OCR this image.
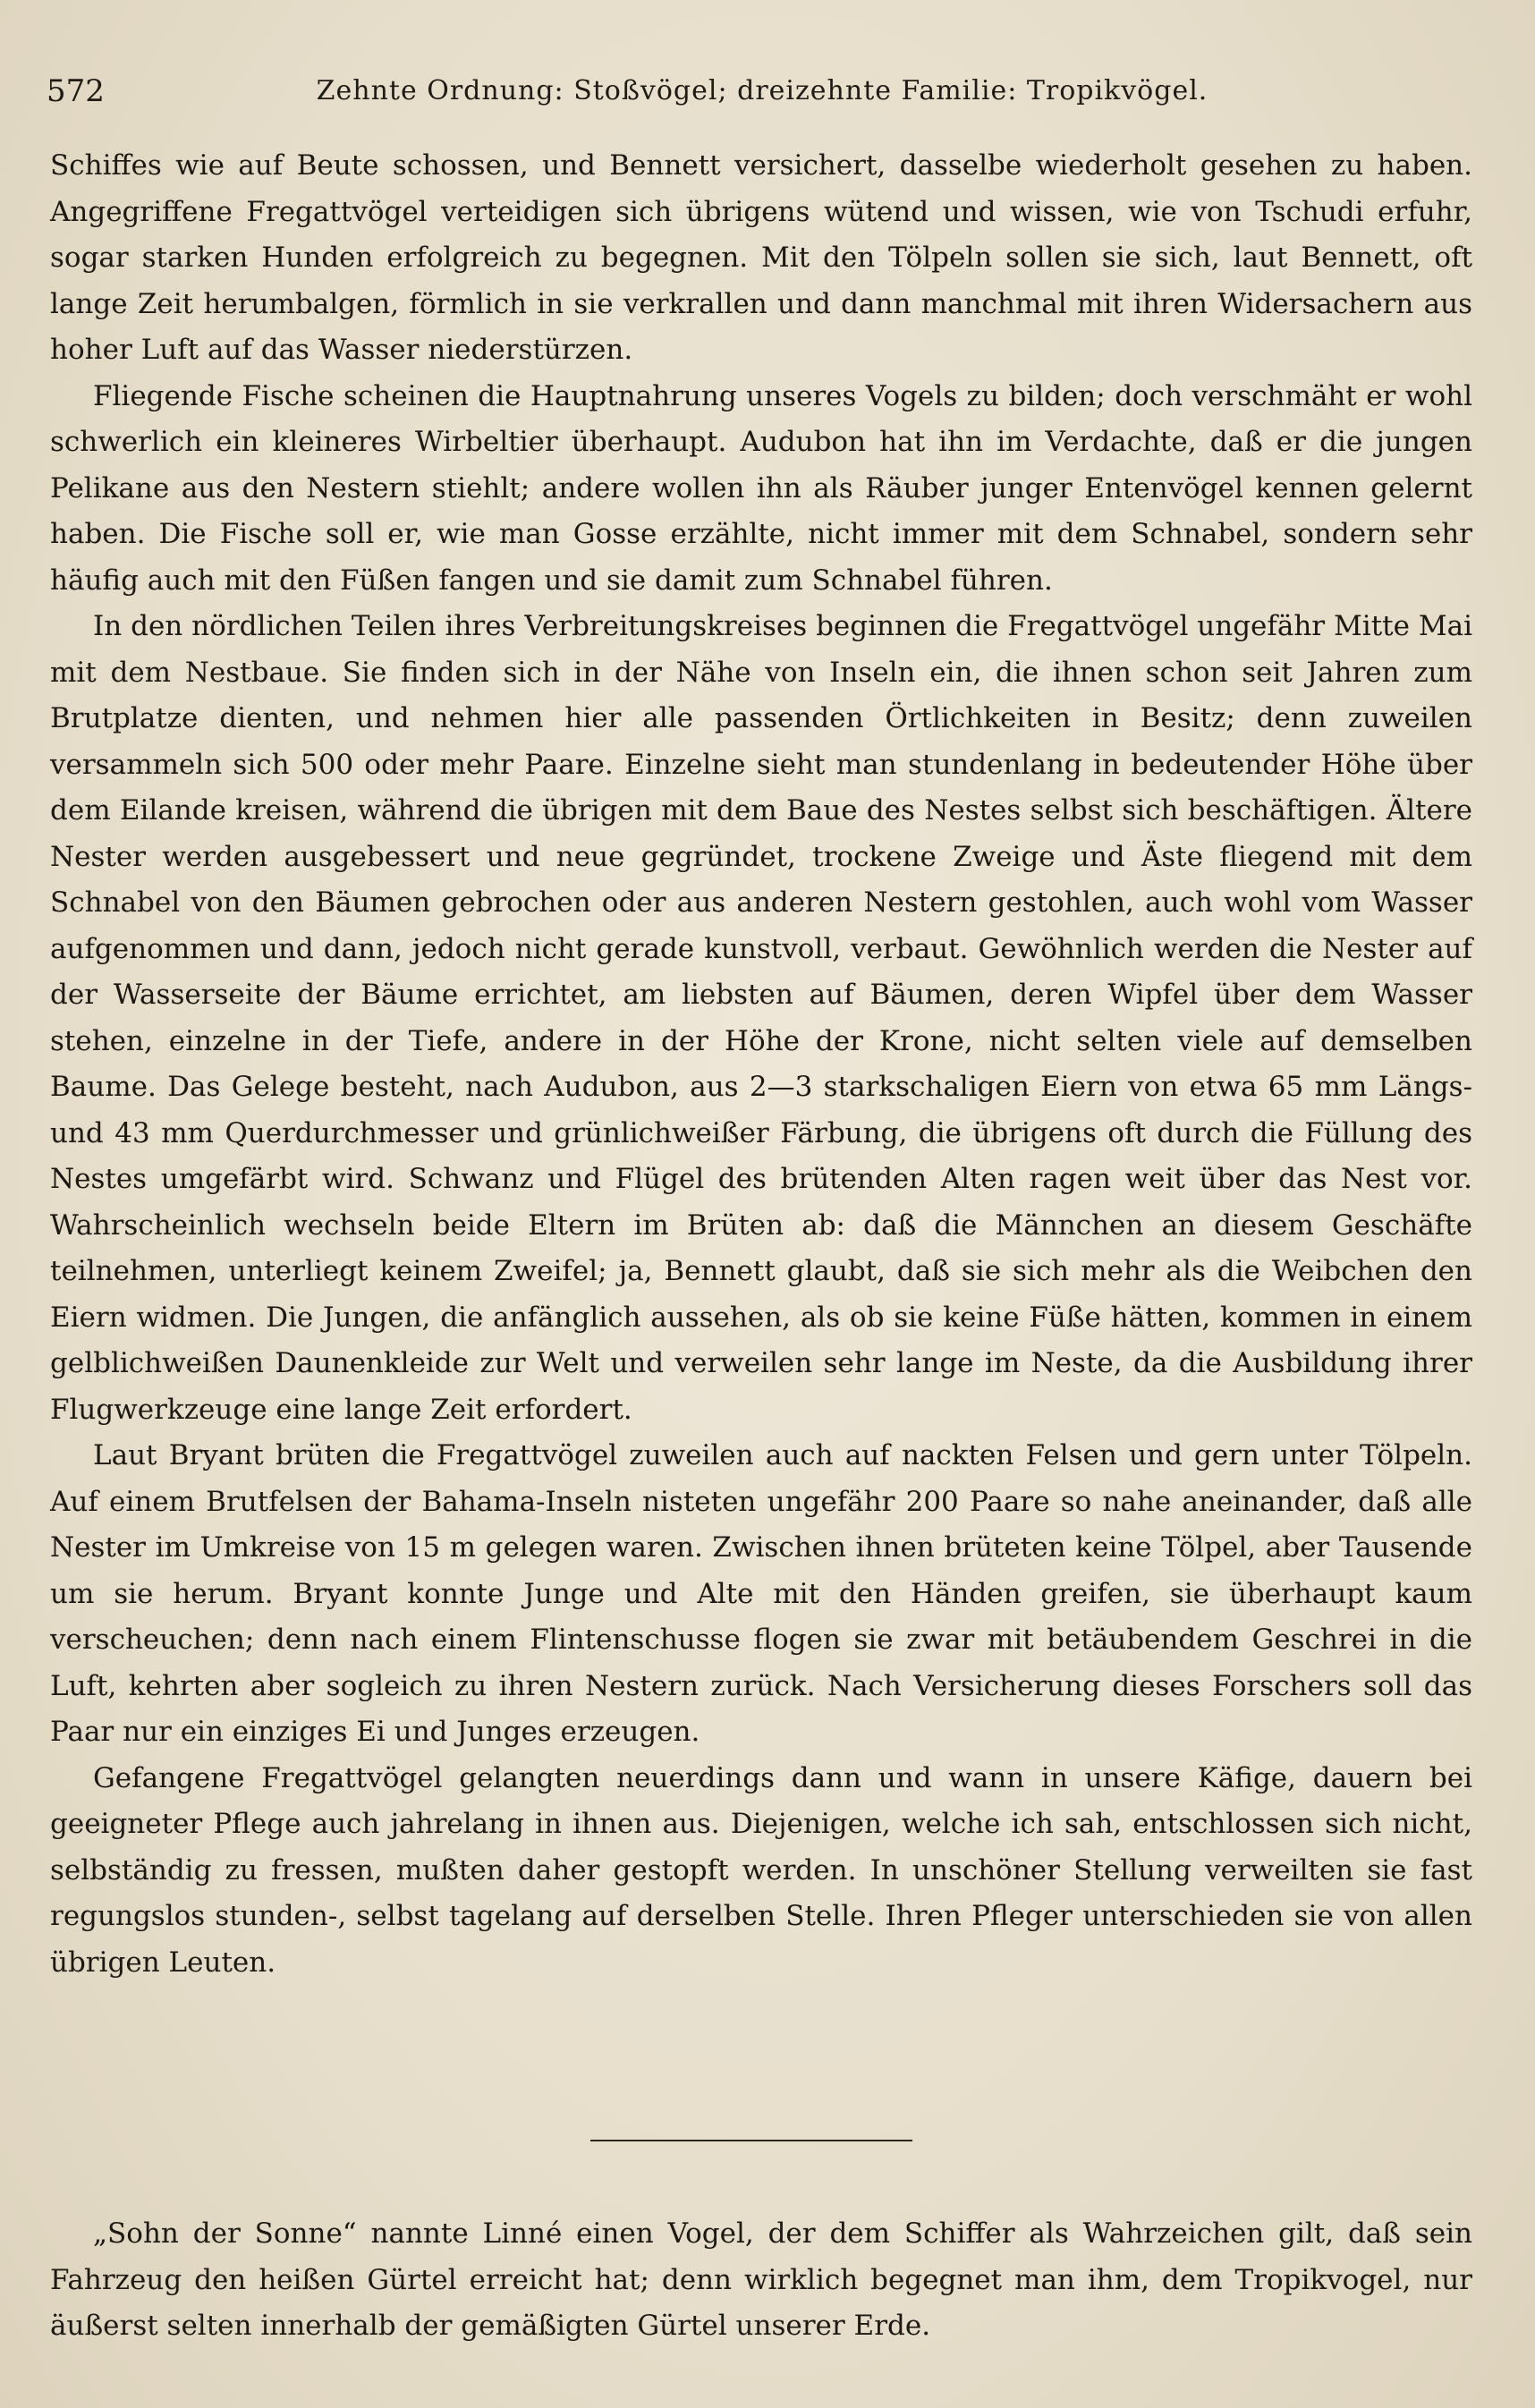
572	Zehnte Ordnung: Stoßvögel; dreizehnte Familie: Tropikvögel.

Schiffes wie auf Beute schossen, und Bennett versichert, dasselbe wiederholt gesehen zu haben. Angegriffene Fregattvögel verteidigen sich übrigens wütend und wissen, wie von Tschudi erfuhr, sogar starken Hunden erfolgreich zu begegnen. Mit den Tölpeln sollen sie sich, laut Bennett, oft lange Zeit herumbalgen, förmlich in sie verkrallen und dann manchmal mit ihren Widersachern aus hoher Luft auf das Wasser niederstürzen.

Fliegende Fische scheinen die Hauptnahrung unseres Vogels zu bilden; doch verschmäht er wohl schwerlich ein kleineres Wirbeltier überhaupt. Audubon hat ihn im Verdachte, daß er die jungen Pelikane aus den Nestern stiehlt; andere wollen ihn als Räuber junger Entenvögel kennen gelernt haben. Die Fische soll er, wie man Gosse erzählte, nicht immer mit dem Schnabel, sondern sehr häufig auch mit den Füßen fangen und sie damit zum Schnabel führen.

In den nördlichen Teilen ihres Verbreitungskreises beginnen die Fregattvögel ungefähr Mitte Mai mit dem Nestbaue. Sie finden sich in der Nähe von Inseln ein, die ihnen schon seit Jahren zum Brutplatze dienten, und nehmen hier alle passenden Örtlichkeiten in Besitz; denn zuweilen versammeln sich 500 oder mehr Paare. Einzelne sieht man stundenlang in bedeutender Höhe über dem Eilande kreisen, während die übrigen mit dem Baue des Nestes selbst sich beschäftigen. Ältere Nester werden ausgebessert und neue gegründet, trockene Zweige und Äste fliegend mit dem Schnabel von den Bäumen gebrochen oder aus anderen Nestern gestohlen, auch wohl vom Wasser aufgenommen und dann, jedoch nicht gerade kunstvoll, verbaut. Gewöhnlich werden die Nester auf der Wasserseite der Bäume errichtet, am liebsten auf Bäumen, deren Wipfel über dem Wasser stehen, einzelne in der Tiefe, andere in der Höhe der Krone, nicht selten viele auf demselben Baume. Das Gelege besteht, nach Audubon, aus 2—3 starkschaligen Eiern von etwa 65 mm Längs- und 43 mm Querdurchmesser und grünlichweißer Färbung, die übrigens oft durch die Füllung des Nestes umgefärbt wird. Schwanz und Flügel des brütenden Alten ragen weit über das Nest vor. Wahrscheinlich wechseln beide Eltern im Brüten ab: daß die Männchen an diesem Geschäfte teilnehmen, unterliegt keinem Zweifel; ja, Bennett glaubt, daß sie sich mehr als die Weibchen den Eiern widmen. Die Jungen, die anfänglich aussehen, als ob sie keine Füße hätten, kommen in einem gelblichweißen Daunenkleide zur Welt und verweilen sehr lange im Neste, da die Ausbildung ihrer Flugwerkzeuge eine lange Zeit erfordert.

Laut Bryant brüten die Fregattvögel zuweilen auch auf nackten Felsen und gern unter Tölpeln. Auf einem Brutfelsen der Bahama-Inseln nisteten ungefähr 200 Paare so nahe aneinander, daß alle Nester im Umkreise von 15 m gelegen waren. Zwischen ihnen brüteten keine Tölpel, aber Tausende um sie herum. Bryant konnte Junge und Alte mit den Händen greifen, sie überhaupt kaum verscheuchen; denn nach einem Flintenschusse flogen sie zwar mit betäubendem Geschrei in die Luft, kehrten aber sogleich zu ihren Nestern zurück. Nach Versicherung dieses Forschers soll das Paar nur ein einziges Ei und Junges erzeugen.

Gefangene Fregattvögel gelangten neuerdings dann und wann in unsere Käfige, dauern bei geeigneter Pflege auch jahrelang in ihnen aus. Diejenigen, welche ich sah, entschlossen sich nicht, selbständig zu fressen, mußten daher gestopft werden. In unschöner Stellung verweilten sie fast regungslos stunden-, selbst tagelang auf derselben Stelle. Ihren Pfleger unterschieden sie von allen übrigen Leuten.

„Sohn der Sonne“ nannte Linné einen Vogel, der dem Schiffer als Wahrzeichen gilt, daß sein Fahrzeug den heißen Gürtel erreicht hat; denn wirklich begegnet man ihm, dem Tropikvogel, nur äußerst selten innerhalb der gemäßigten Gürtel unserer Erde.
